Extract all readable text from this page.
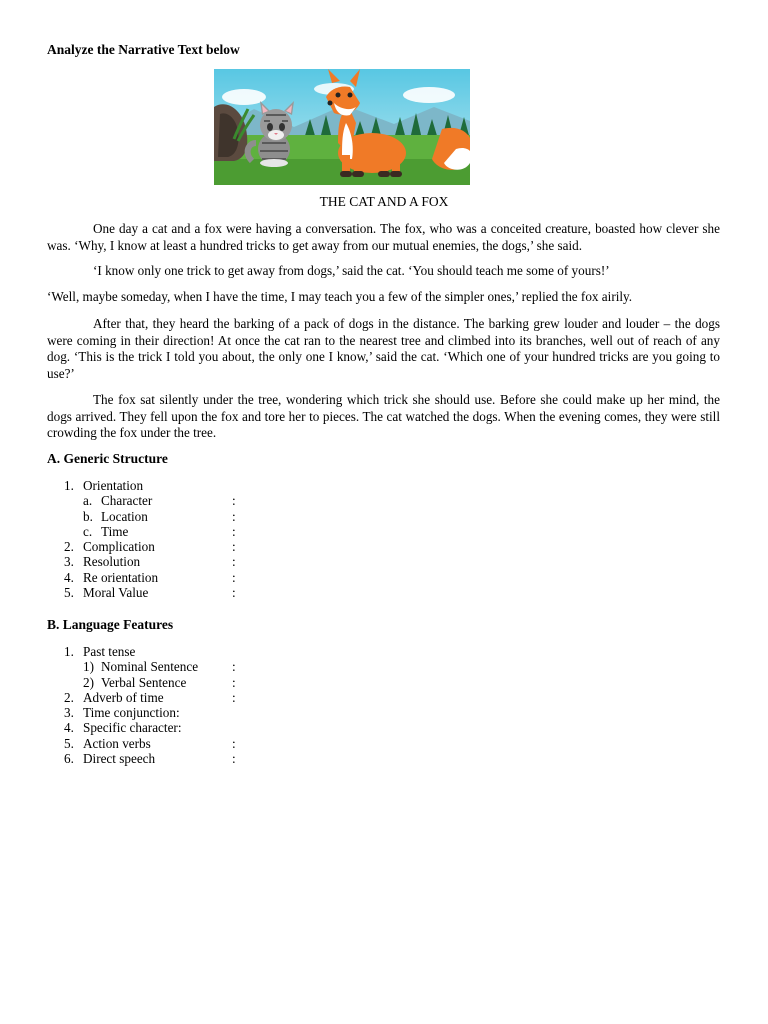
Analyze the Narrative Text below
THE CAT AND A FOX

One day a cat and a fox were having a conversation. The fox, who was a conceited creature, boasted how clever she was. ‘Why, I know at least a hundred tricks to get away from our mutual enemies, the dogs,’ she said.

‘I know only one trick to get away from dogs,’ said the cat. ‘You should teach me some of yours!’

‘Well, maybe someday, when I have the time, I may teach you a few of the simpler ones,’ replied the fox airily.

After that, they heard the barking of a pack of dogs in the distance. The barking grew louder and louder – the dogs were coming in their direction! At once the cat ran to the nearest tree and climbed into its branches, well out of reach of any dog. ‘This is the trick I told you about, the only one I know,’ said the cat. ‘Which one of your hundred tricks are you going to use?’

The fox sat silently under the tree, wondering which trick she should use. Before she could make up her mind, the dogs arrived. They fell upon the fox and tore her to pieces. The cat watched the dogs. When the evening comes, they were still crowding the fox under the tree.

A. Generic Structure
1. Orientation
a. Character	:
b. Location	:
c. Time	:
2. Complication	:
3. Resolution	:
4. Re orientation	:
5. Moral Value	:
B. Language Features
1. Past tense
1) Nominal Sentence	:
2) Verbal Sentence	:
2. Adverb of time	:
3. Time conjunction:
4. Specific character:
5. Action verbs	:
6. Direct speech	:
